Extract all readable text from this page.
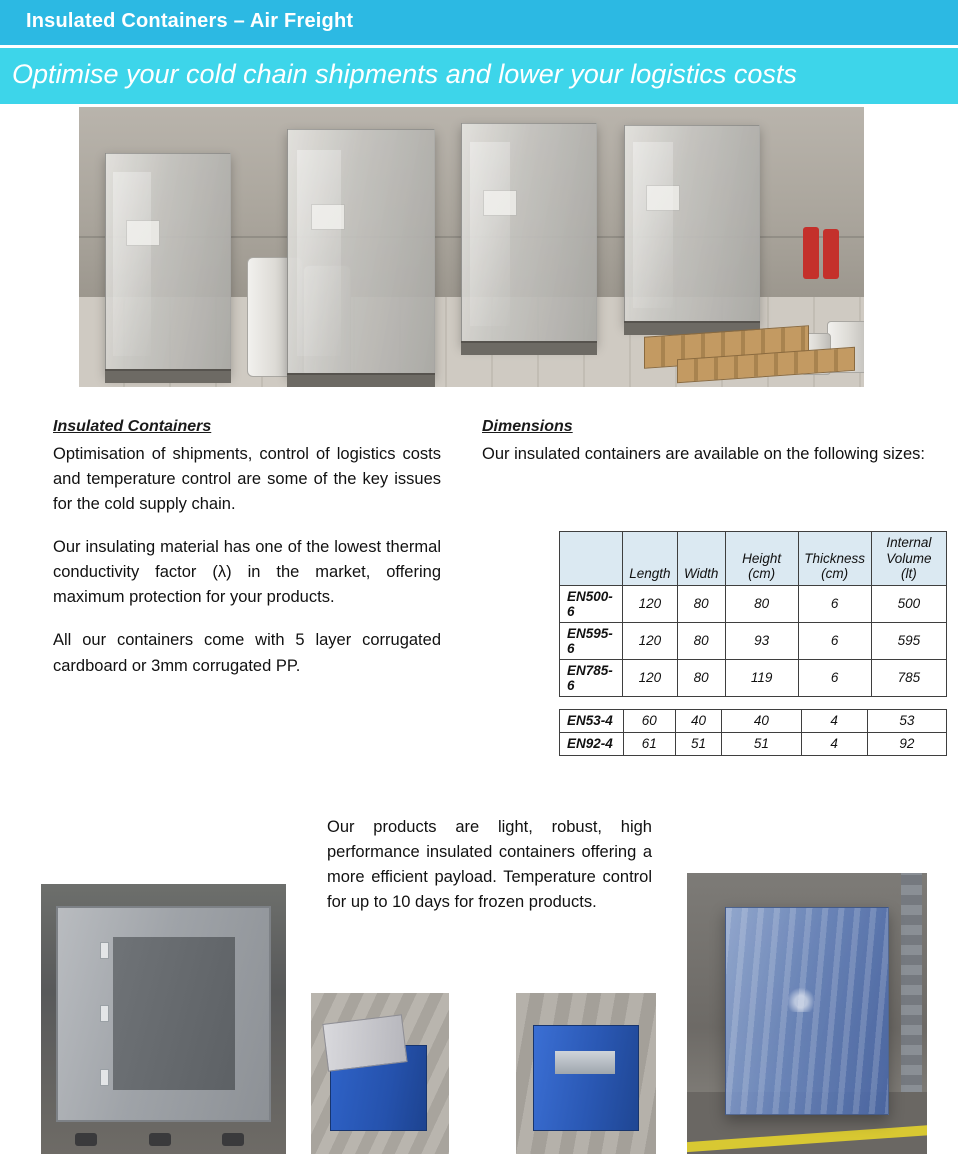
Insulated Containers – Air Freight
Optimise your cold chain shipments and lower your logistics costs
Insulated Containers

Optimisation of shipments, control of logistics costs and temperature control are some of the key issues for the cold supply chain.

Our insulating material has one of the lowest thermal conductivity factor (λ) in the market, offering maximum protection for your products.

All our containers come with 5 layer corrugated cardboard or 3mm corrugated PP.

Dimensions

Our insulated containers are available on the following sizes:

	Length	Width	Height (cm)	Thickness (cm)	Internal Volume (lt)
EN500-6	120	80	80	6	500
EN595-6	120	80	93	6	595
EN785-6	120	80	119	6	785
EN53-4	60	40	40	4	53
EN92-4	61	51	51	4	92

Our products are light, robust, high performance insulated containers offering a more efficient payload. Temperature control for up to 10 days for frozen products.
